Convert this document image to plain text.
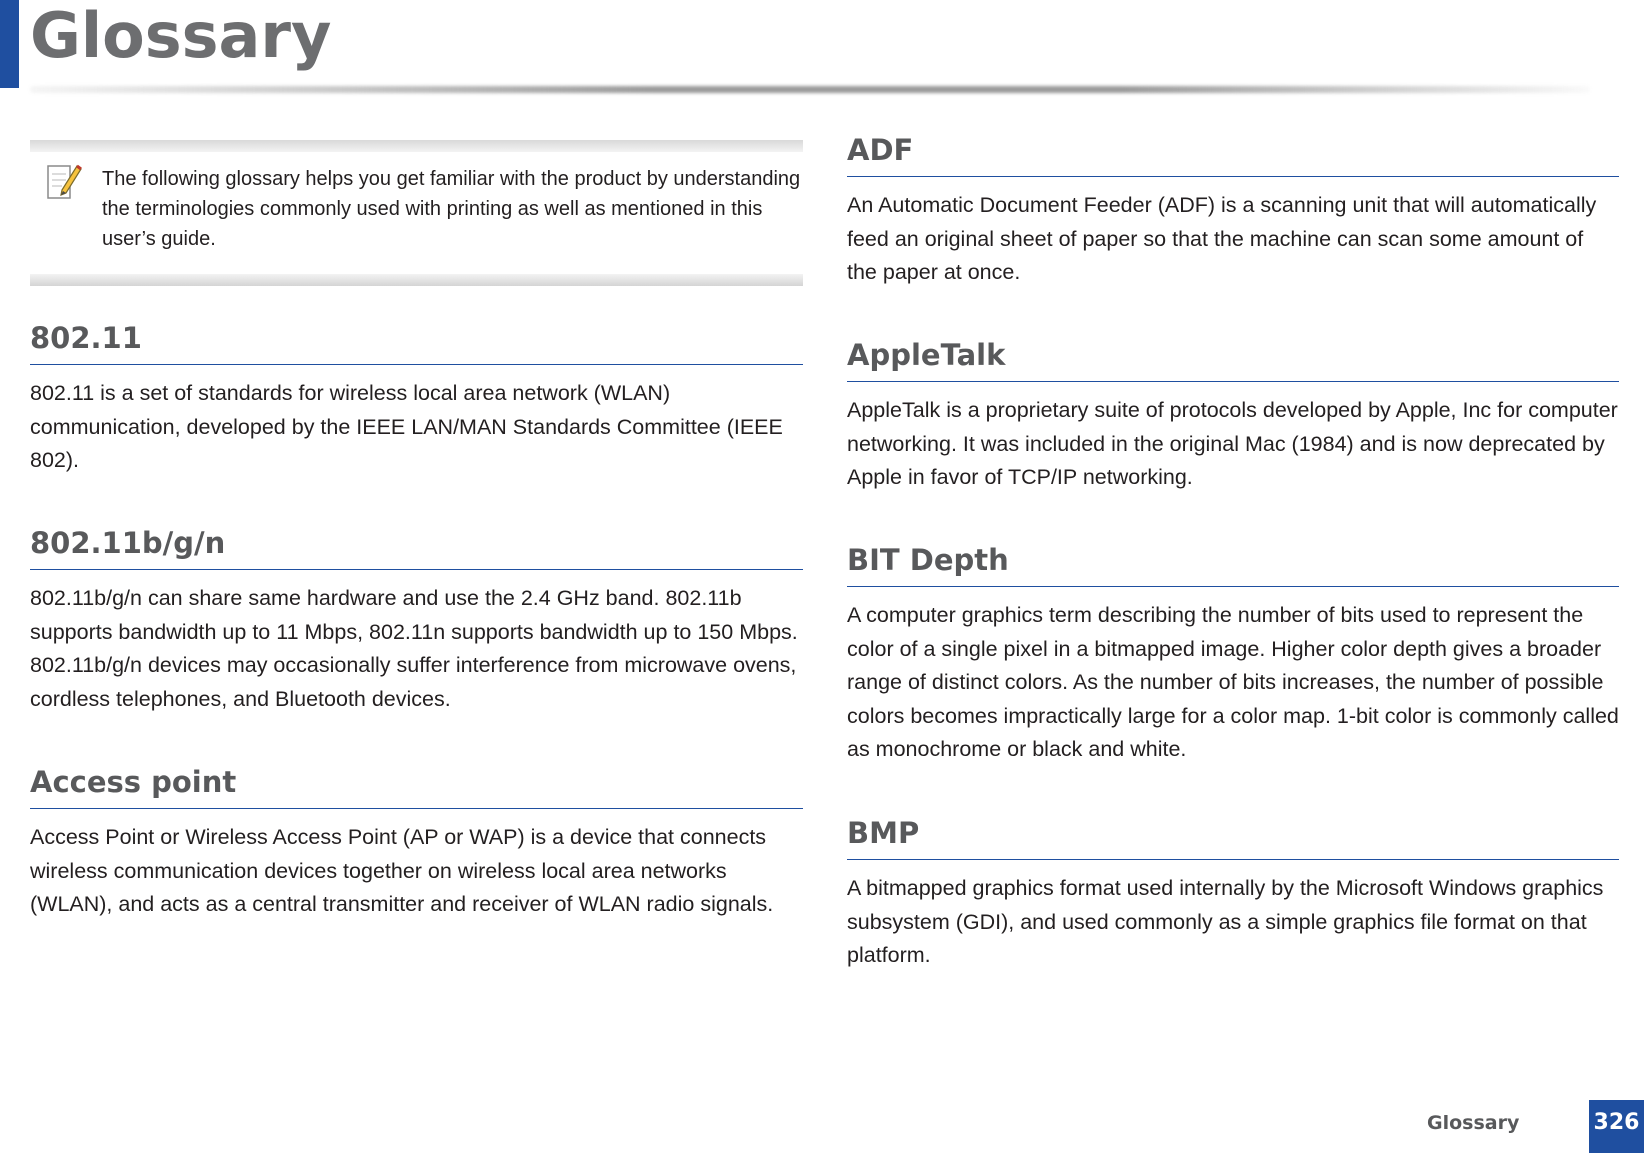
Glossary
The following glossary helps you get familiar with the product by understanding the terminologies commonly used with printing as well as mentioned in this user’s guide.
802.11

802.11 is a set of standards for wireless local area network (WLAN) communication, developed by the IEEE LAN/MAN Standards Committee (IEEE 802).

802.11b/g/n

802.11b/g/n can share same hardware and use the 2.4 GHz band. 802.11b supports bandwidth up to 11 Mbps, 802.11n supports bandwidth up to 150 Mbps. 802.11b/g/n devices may occasionally suffer interference from microwave ovens, cordless telephones, and Bluetooth devices.

Access point

Access Point or Wireless Access Point (AP or WAP) is a device that connects wireless communication devices together on wireless local area networks (WLAN), and acts as a central transmitter and receiver of WLAN radio signals.

ADF

An Automatic Document Feeder (ADF) is a scanning unit that will automatically feed an original sheet of paper so that the machine can scan some amount of the paper at once.

AppleTalk

AppleTalk is a proprietary suite of protocols developed by Apple, Inc for computer networking. It was included in the original Mac (1984) and is now deprecated by Apple in favor of TCP/IP networking.

BIT Depth

A computer graphics term describing the number of bits used to represent the color of a single pixel in a bitmapped image. Higher color depth gives a broader range of distinct colors. As the number of bits increases, the number of possible colors becomes impractically large for a color map. 1-bit color is commonly called as monochrome or black and white.

BMP

A bitmapped graphics format used internally by the Microsoft Windows graphics subsystem (GDI), and used commonly as a simple graphics file format on that platform.

Glossary	326
